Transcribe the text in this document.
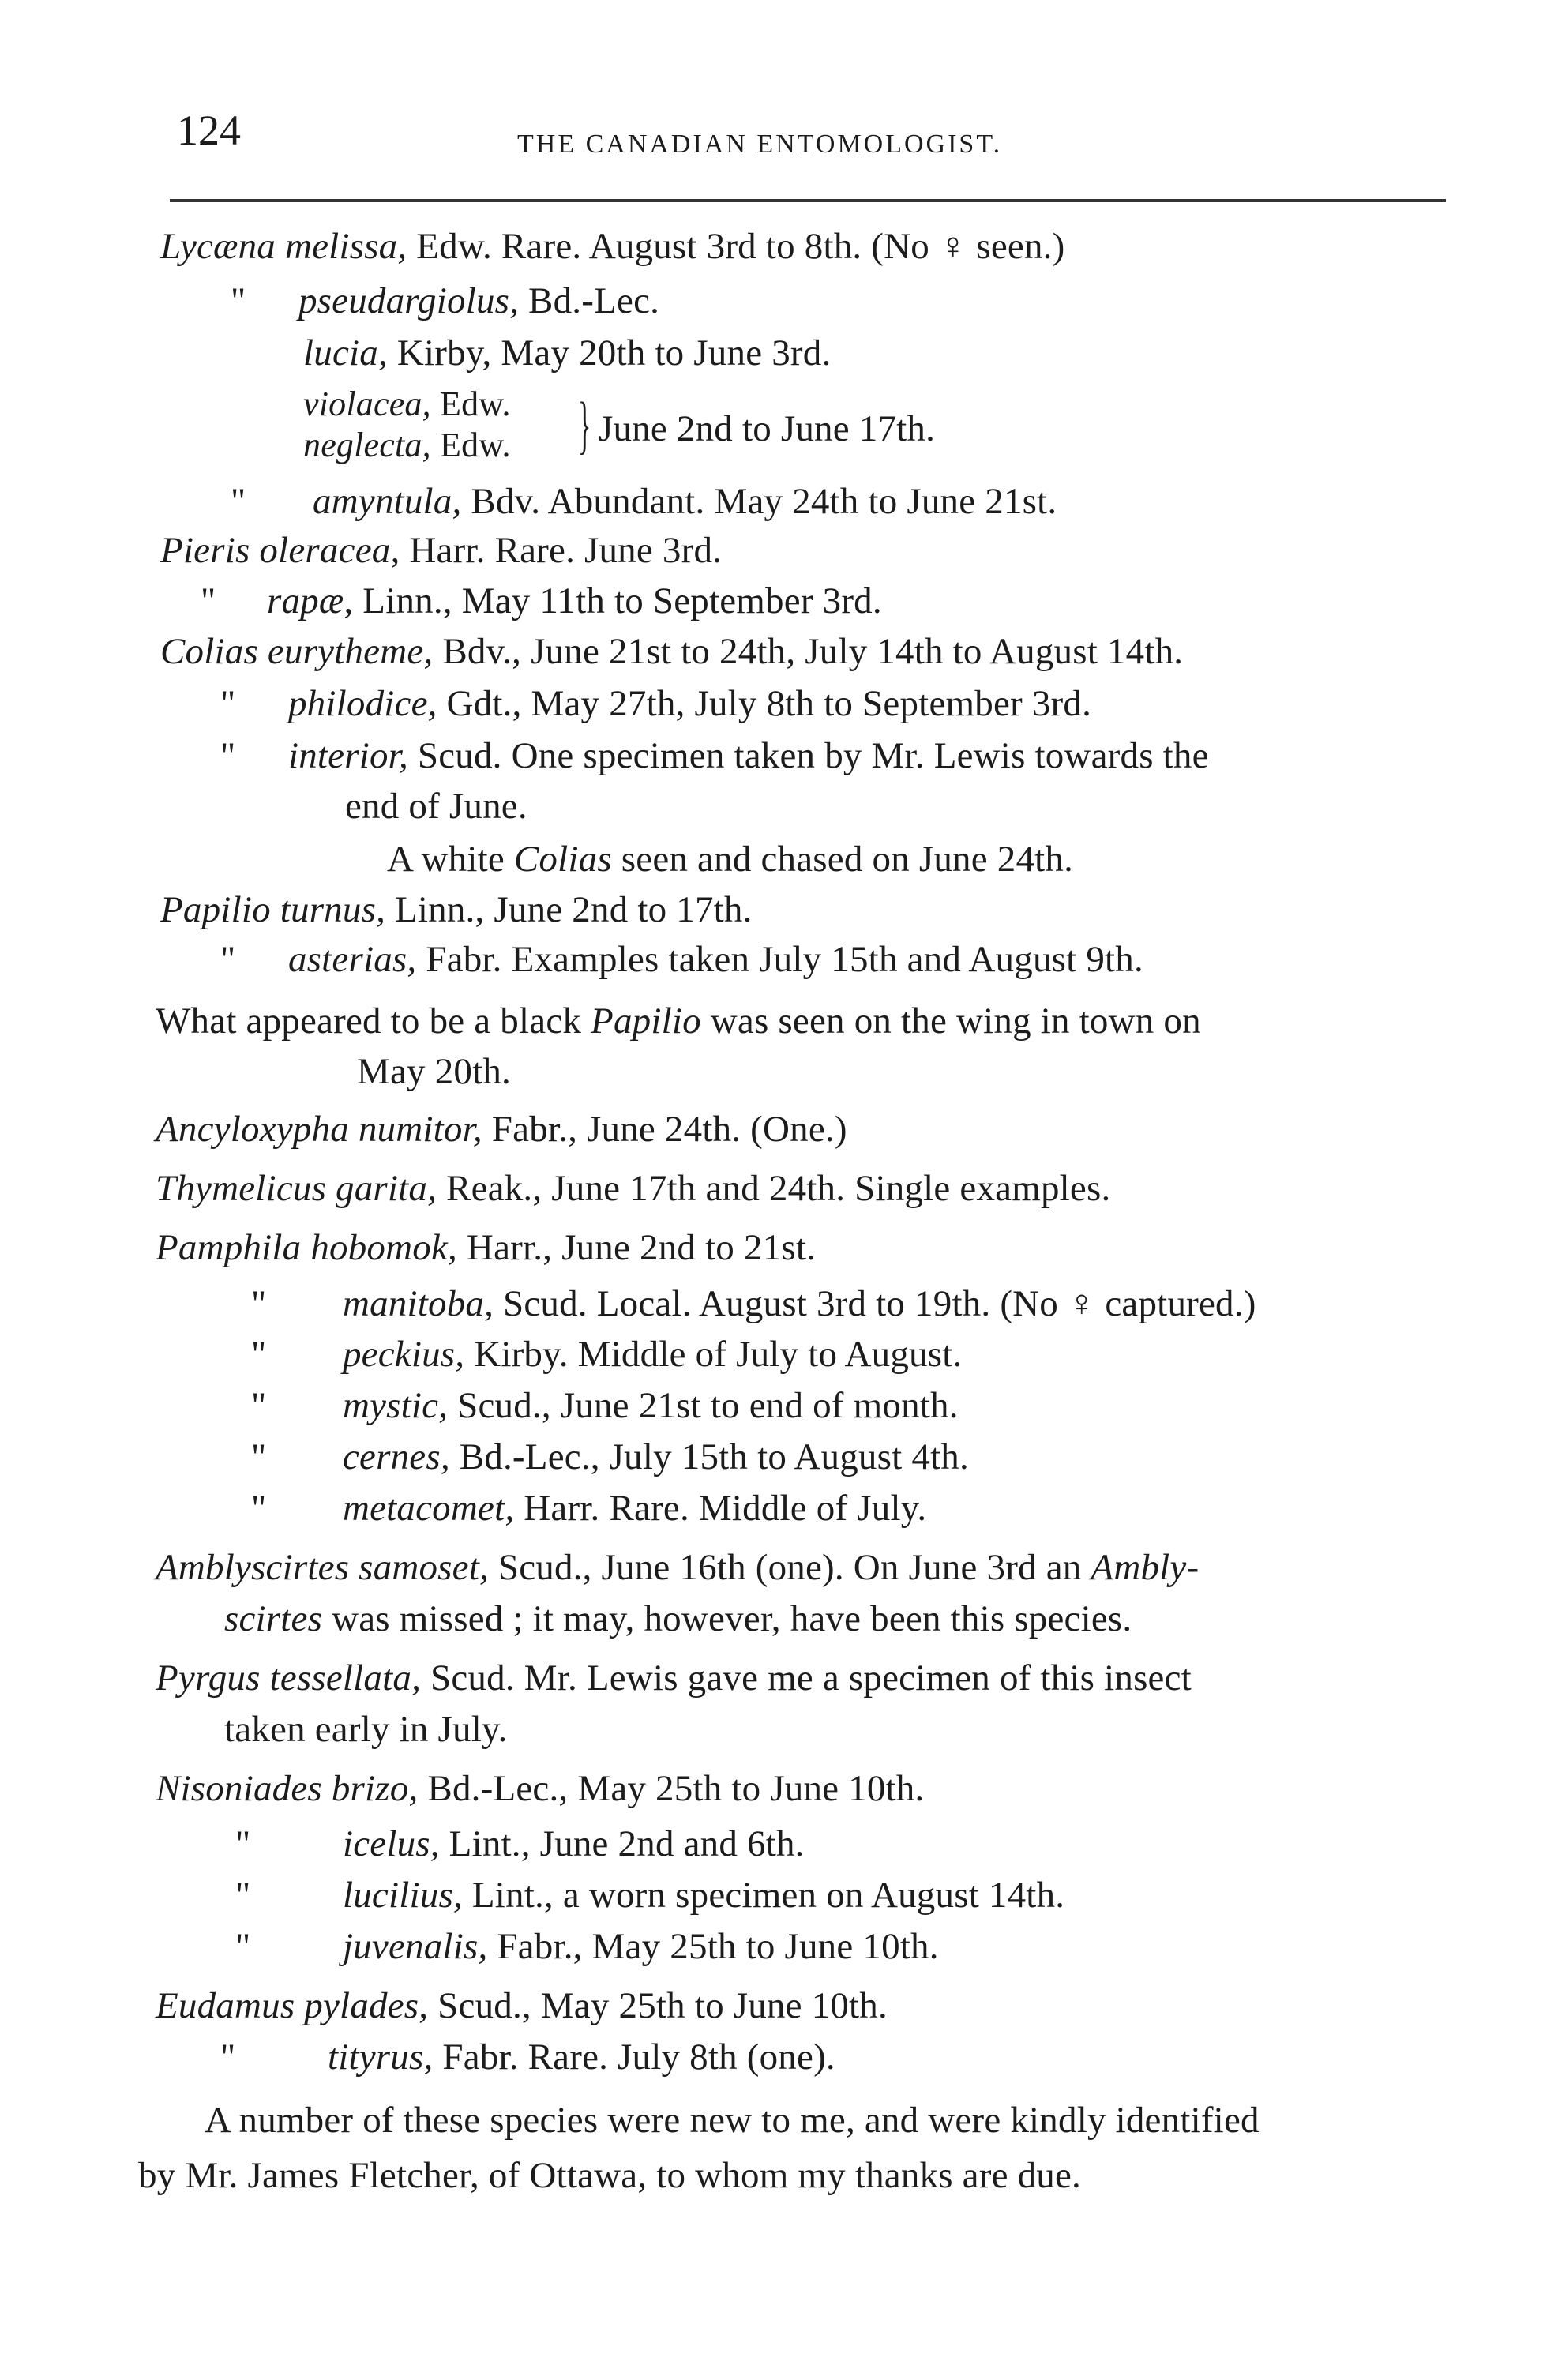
124	THE CANADIAN ENTOMOLOGIST.
Lycæna melissa, Edw. Rare. August 3rd to 8th. (No ♀ seen.)
" pseudargiolus, Bd.-Lec.
lucia, Kirby, May 20th to June 3rd.
violacea, Edw.
neglecta, Edw.	} June 2nd to June 17th.
" amyntula, Bdv. Abundant. May 24th to June 21st.
Pieris oleracea, Harr. Rare. June 3rd.
" rapæ, Linn., May 11th to September 3rd.
Colias eurytheme, Bdv., June 21st to 24th, July 14th to August 14th.
" philodice, Gdt., May 27th, July 8th to September 3rd.
" interior, Scud. One specimen taken by Mr. Lewis towards the
end of June.
A white Colias seen and chased on June 24th.
Papilio turnus, Linn., June 2nd to 17th.
" asterias, Fabr. Examples taken July 15th and August 9th.
What appeared to be a black Papilio was seen on the wing in town on
May 20th.
Ancyloxypha numitor, Fabr., June 24th. (One.)
Thymelicus garita, Reak., June 17th and 24th. Single examples.
Pamphila hobomok, Harr., June 2nd to 21st.
" manitoba, Scud. Local. August 3rd to 19th. (No ♀ captured.)
" peckius, Kirby. Middle of July to August.
" mystic, Scud., June 21st to end of month.
" cernes, Bd.-Lec., July 15th to August 4th.
" metacomet, Harr. Rare. Middle of July.
Amblyscirtes samoset, Scud., June 16th (one). On June 3rd an Ambly-
scirtes was missed ; it may, however, have been this species.
Pyrgus tessellata, Scud. Mr. Lewis gave me a specimen of this insect
taken early in July.
Nisoniades brizo, Bd.-Lec., May 25th to June 10th.
" icelus, Lint., June 2nd and 6th.
" lucilius, Lint., a worn specimen on August 14th.
" juvenalis, Fabr., May 25th to June 10th.
Eudamus pylades, Scud., May 25th to June 10th.
" tityrus, Fabr. Rare. July 8th (one).
A number of these species were new to me, and were kindly identified
by Mr. James Fletcher, of Ottawa, to whom my thanks are due.
